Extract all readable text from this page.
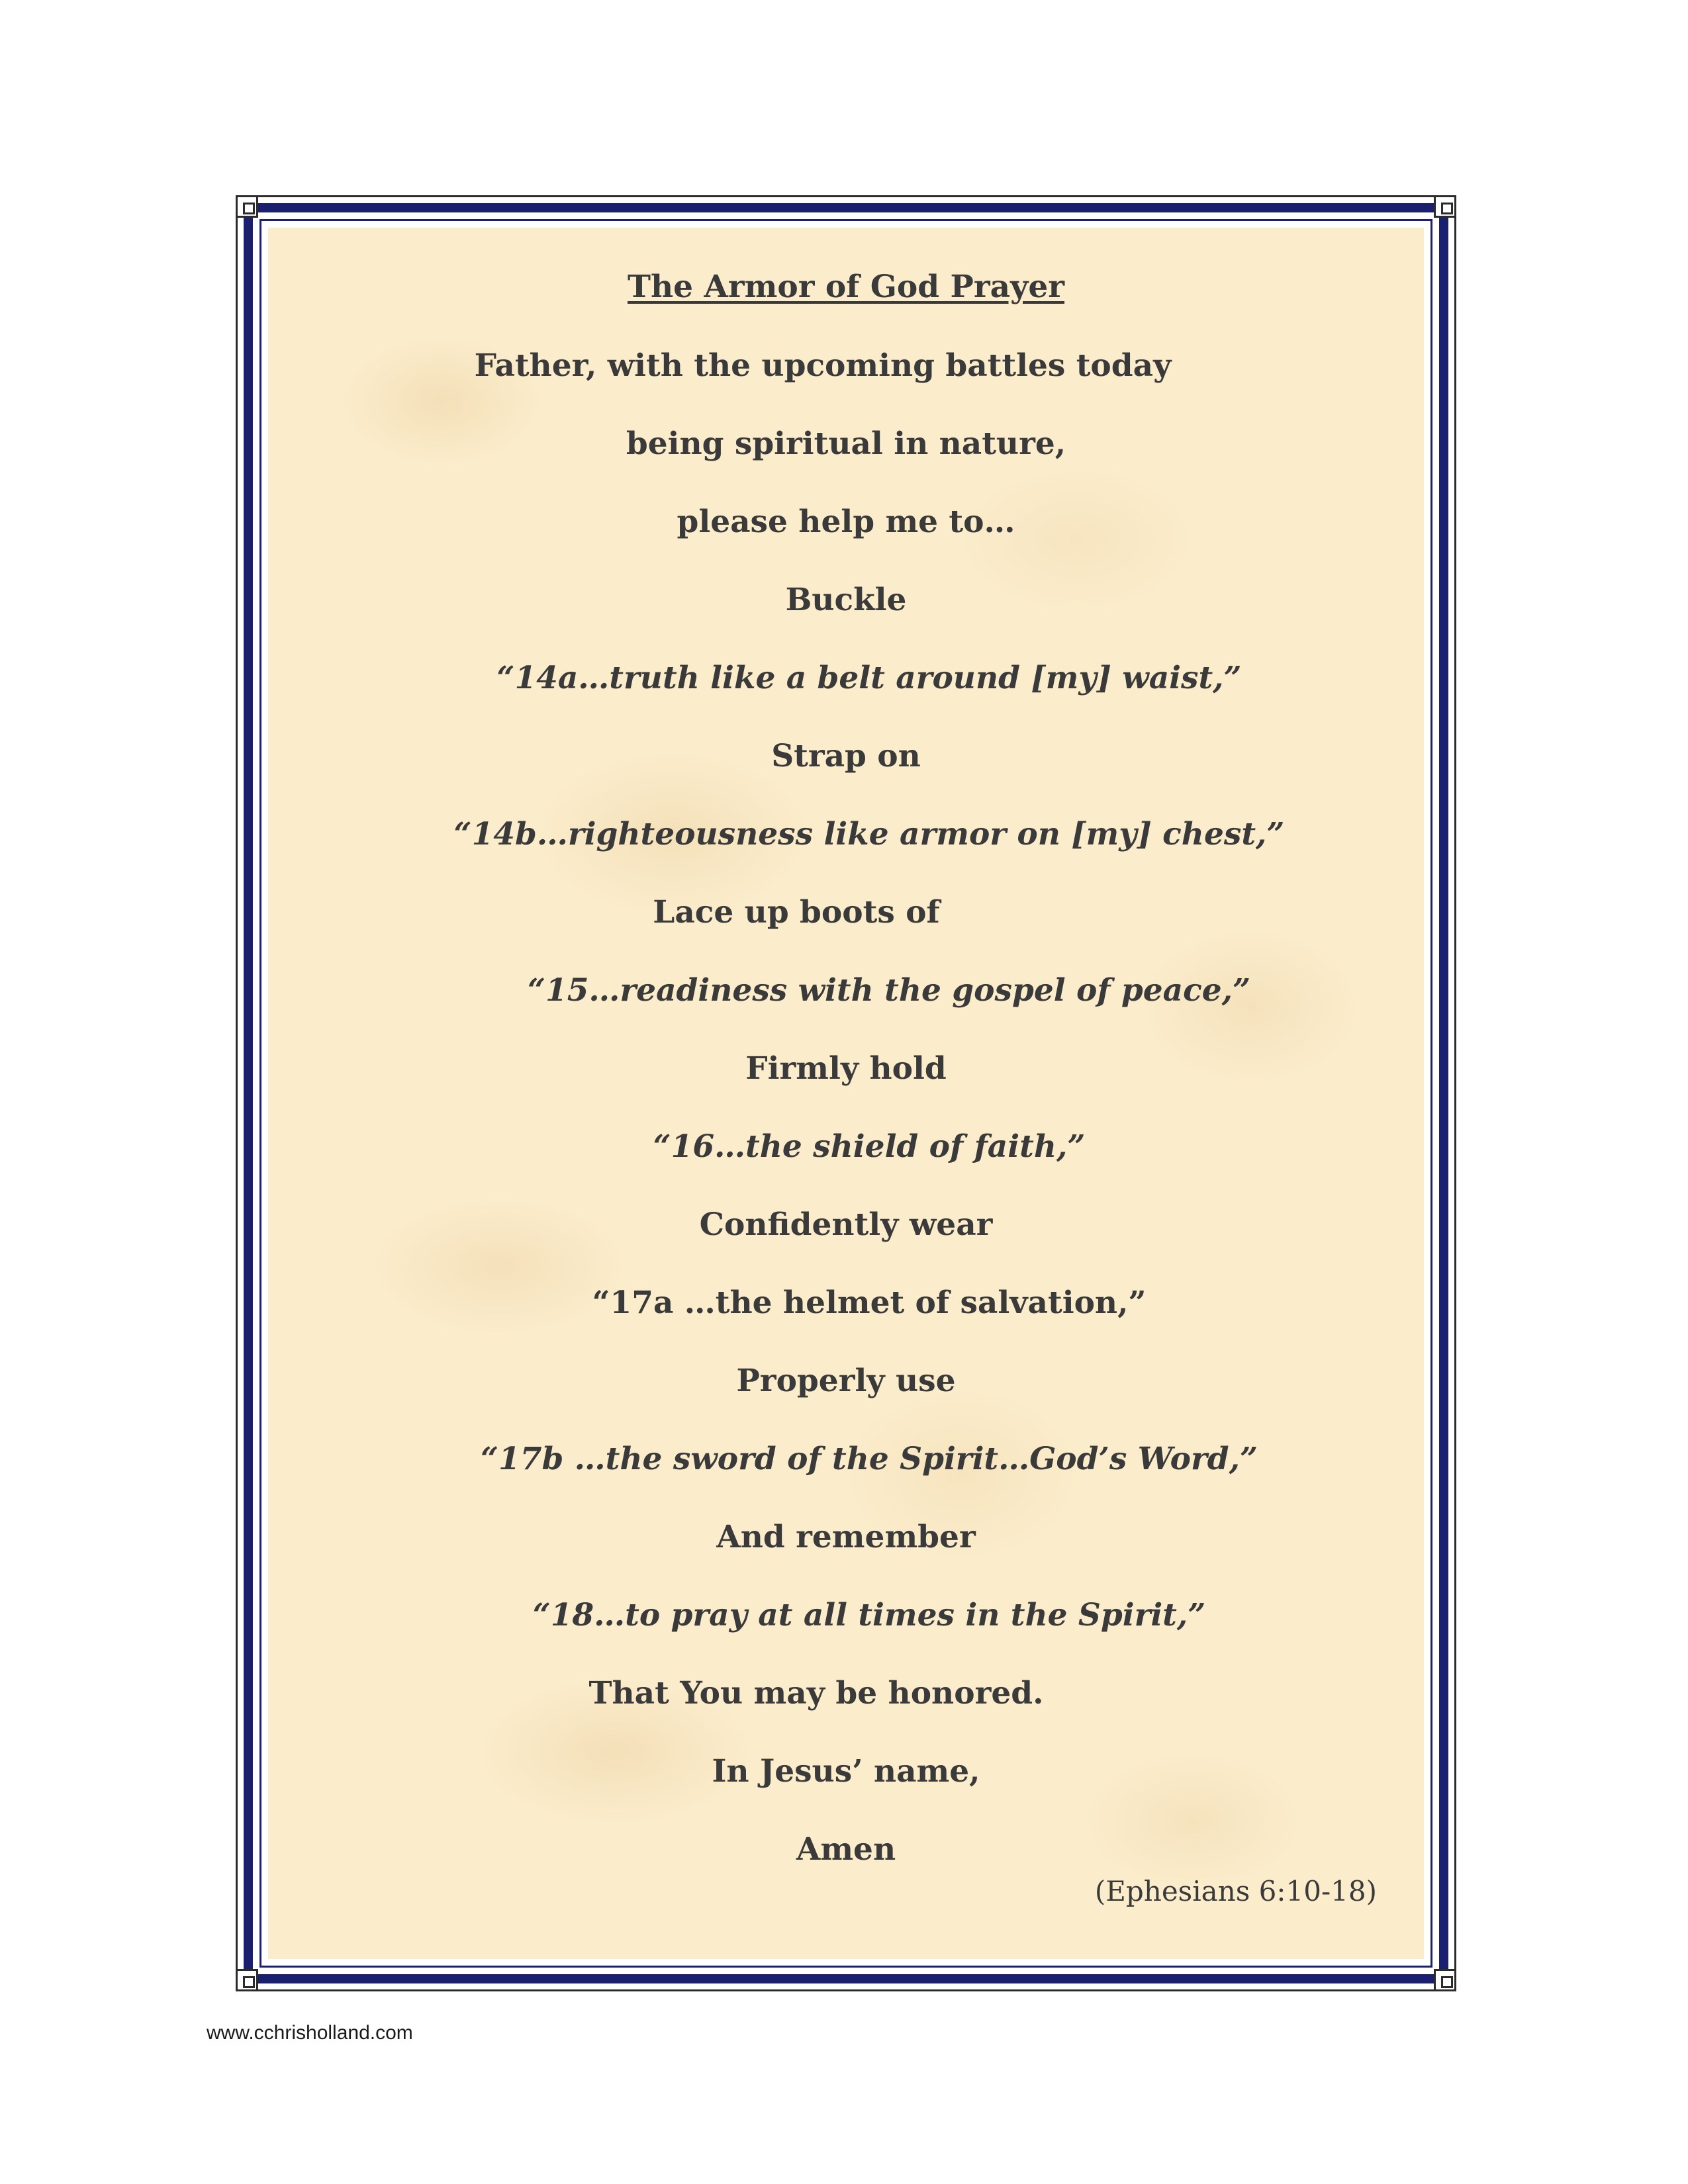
The Armor of God Prayer
Father, with the upcoming battles today
being spiritual in nature,
please help me to…
Buckle
“14a…truth like a belt around [my] waist,”
Strap on
“14b…righteousness like armor on [my] chest,”
Lace up boots of
“15…readiness with the gospel of peace,”
Firmly hold
“16…the shield of faith,”
Confidently wear
“17a …the helmet of salvation,”
Properly use
“17b …the sword of the Spirit…God’s Word,”
And remember
“18…to pray at all times in the Spirit,”
That You may be honored.
In Jesus’ name,
Amen
(Ephesians 6:10-18)
www.cchrisholland.com
